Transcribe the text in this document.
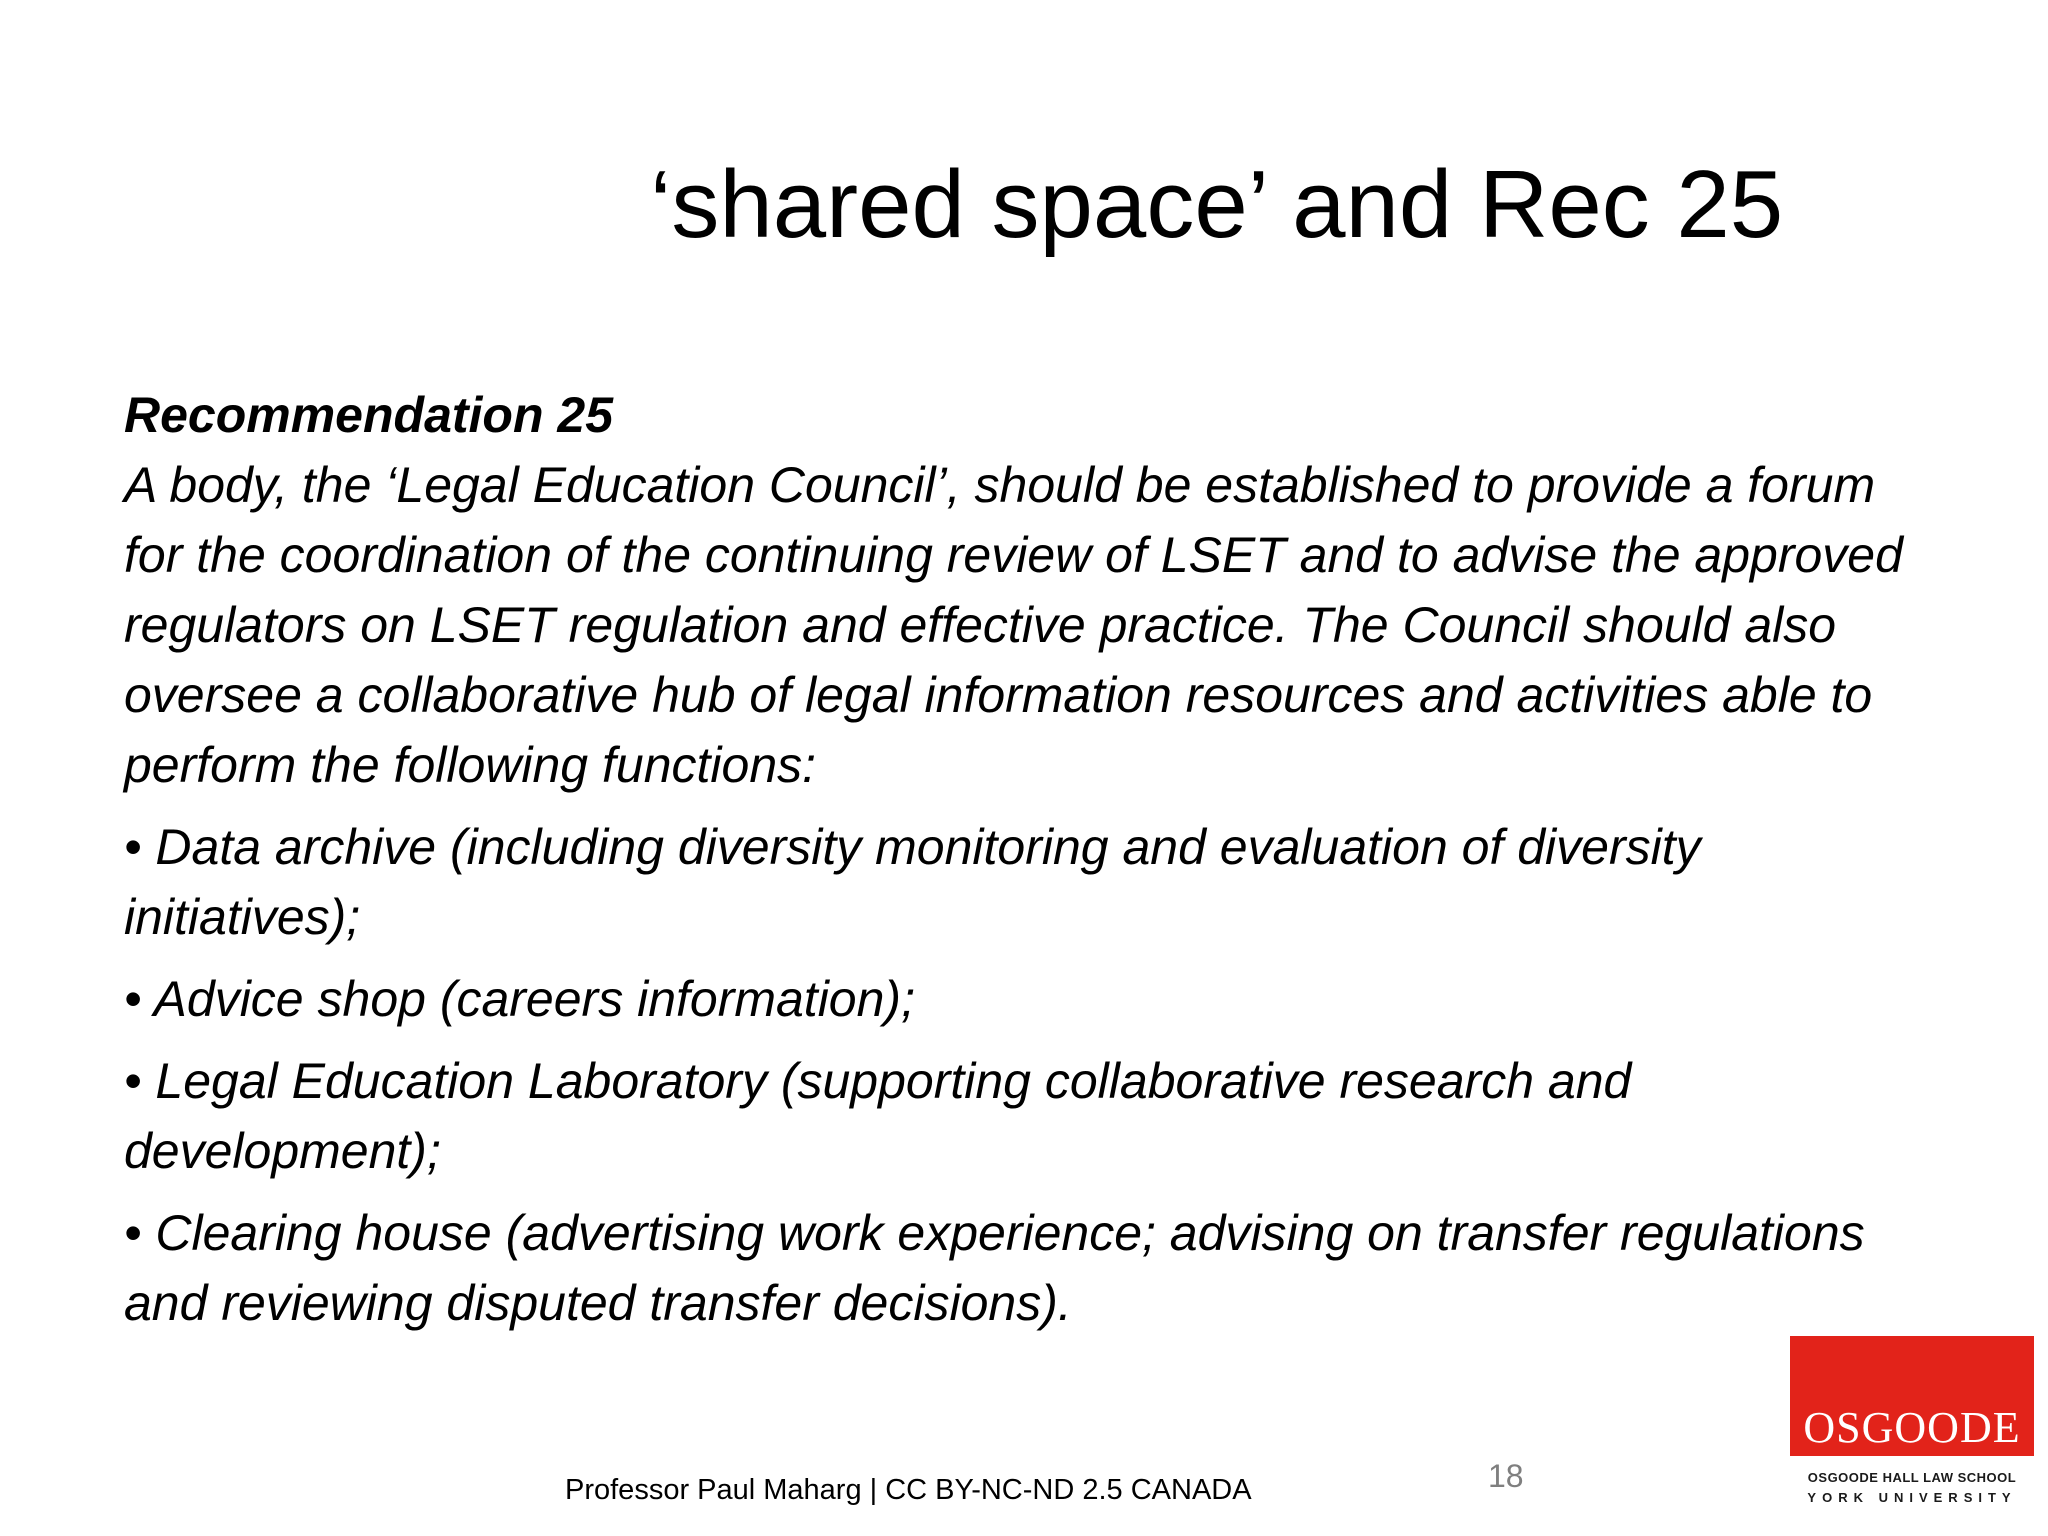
‘shared space’ and Rec 25

Recommendation 25

A body, the ‘Legal Education Council’, should be established to provide a forum for the coordination of the continuing review of LSET and to advise the approved regulators on LSET regulation and effective practice. The Council should also oversee a collaborative hub of legal information resources and activities able to perform the following functions:

• Data archive (including diversity monitoring and evaluation of diversity initiatives);
• Advice shop (careers information);
• Legal Education Laboratory (supporting collaborative research and development);
• Clearing house (advertising work experience; advising on transfer regulations and reviewing disputed transfer decisions).
Professor Paul Maharg | CC BY-NC-ND 2.5 CANADA	18
OSGOODE
OSGOODE HALL LAW SCHOOL
YORK UNIVERSITY
